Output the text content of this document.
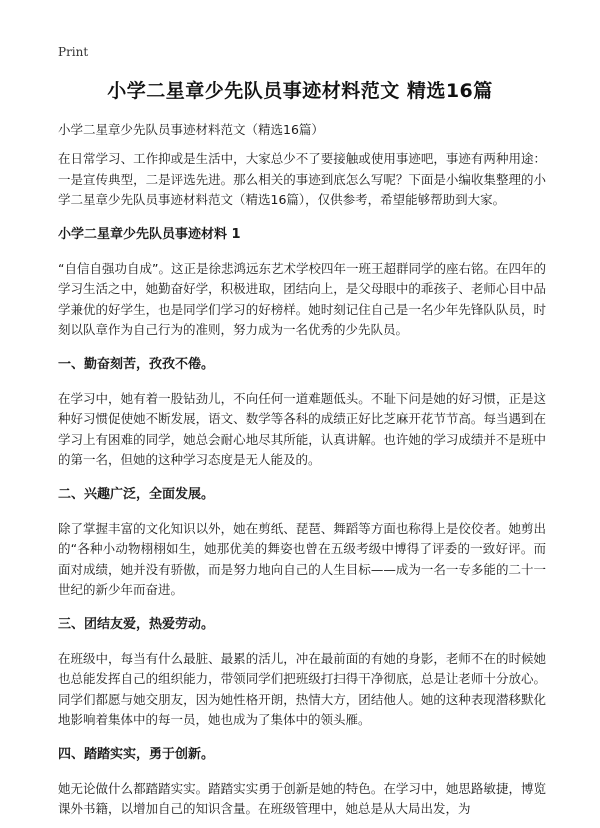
Print
小学二星章少先队员事迹材料范文 精选16篇

小学二星章少先队员事迹材料范文（精选16篇）

在日常学习、工作抑或是生活中，大家总少不了要接触或使用事迹吧，事迹有两种用途：一是宣传典型，二是评选先进。那么相关的事迹到底怎么写呢？下面是小编收集整理的小学二星章少先队员事迹材料范文（精选16篇），仅供参考，希望能够帮助到大家。

小学二星章少先队员事迹材料 1

“自信自强功自成”。这正是徐悲鸿远东艺术学校四年一班王超群同学的座右铭。在四年的学习生活之中，她勤奋好学，积极进取，团结向上，是父母眼中的乖孩子、老师心目中品学兼优的好学生，也是同学们学习的好榜样。她时刻记住自己是一名少年先锋队队员，时刻以队章作为自己行为的准则，努力成为一名优秀的少先队员。

一、勤奋刻苦，孜孜不倦。

在学习中，她有着一股钻劲儿，不向任何一道难题低头。不耻下问是她的好习惯，正是这种好习惯促使她不断发展，语文、数学等各科的成绩正好比芝麻开花节节高。每当遇到在学习上有困难的同学，她总会耐心地尽其所能，认真讲解。也许她的学习成绩并不是班中的第一名，但她的这种学习态度是无人能及的。

二、兴趣广泛，全面发展。

除了掌握丰富的文化知识以外，她在剪纸、琵琶、舞蹈等方面也称得上是佼佼者。她剪出的“各种小动物栩栩如生，她那优美的舞姿也曾在五级考级中博得了评委的一致好评。而面对成绩，她并没有骄傲，而是努力地向自己的人生目标——成为一名一专多能的二十一世纪的新少年而奋进。

三、团结友爱，热爱劳动。

在班级中，每当有什么最脏、最累的活儿，冲在最前面的有她的身影，老师不在的时候她也总能发挥自己的组织能力，带领同学们把班级打扫得干净彻底，总是让老师十分放心。同学们都愿与她交朋友，因为她性格开朗，热情大方，团结他人。她的这种表现潜移默化地影响着集体中的每一员，她也成为了集体中的领头雁。

四、踏踏实实，勇于创新。

她无论做什么都踏踏实实。踏踏实实勇于创新是她的特色。在学习中，她思路敏捷，博览课外书籍，以增加自己的知识含量。在班级管理中，她总是从大局出发，为
